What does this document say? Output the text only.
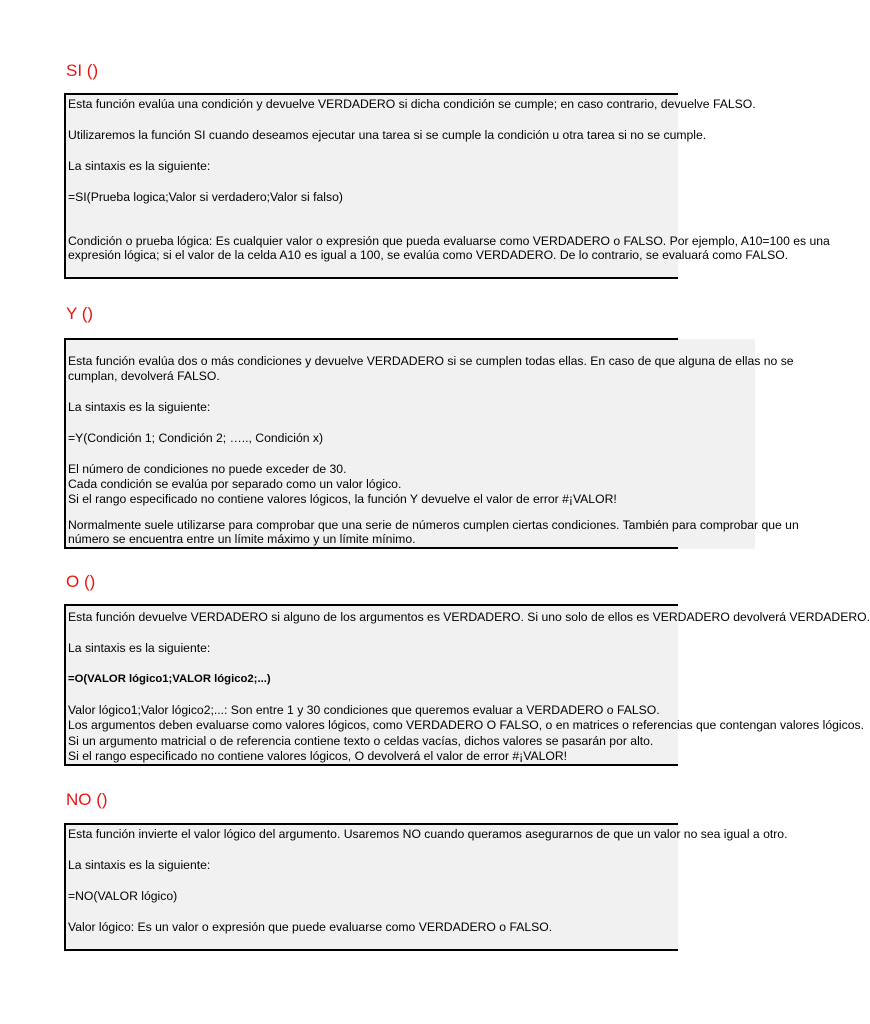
SI ()
Esta función evalúa una condición y devuelve VERDADERO si dicha condición se cumple; en caso contrario, devuelve FALSO.
Utilizaremos la función SI cuando deseamos ejecutar una tarea si se cumple la condición u otra tarea si no se cumple.
La sintaxis es la siguiente:
=SI(Prueba logica;Valor si verdadero;Valor si falso)
Condición o prueba lógica: Es cualquier valor o expresión que pueda evaluarse como VERDADERO o FALSO. Por ejemplo, A10=100 es una
expresión lógica; si el valor de la celda A10 es igual a 100, se evalúa como VERDADERO. De lo contrario, se evaluará como FALSO.
Y ()
Esta función evalúa dos o más condiciones y devuelve VERDADERO si se cumplen todas ellas. En caso de que alguna de ellas no se
cumplan, devolverá FALSO.
La sintaxis es la siguiente:
=Y(Condición 1; Condición 2; ….., Condición x)
El número de condiciones no puede exceder de 30.
Cada condición se evalúa por separado como un valor lógico.
Si el rango especificado no contiene valores lógicos, la función Y devuelve el valor de error #¡VALOR!
Normalmente suele utilizarse para comprobar que una serie de números cumplen ciertas condiciones. También para comprobar que un
número se encuentra entre un límite máximo y un límite mínimo.
O ()
Esta función devuelve VERDADERO si alguno de los argumentos es VERDADERO. Si uno solo de ellos es VERDADERO devolverá VERDADERO.
La sintaxis es la siguiente:
=O(VALOR lógico1;VALOR lógico2;...)
Valor lógico1;Valor lógico2;...: Son entre 1 y 30 condiciones que queremos evaluar a VERDADERO o FALSO.
Los argumentos deben evaluarse como valores lógicos, como VERDADERO O FALSO, o en matrices o referencias que contengan valores lógicos.
Si un argumento matricial o de referencia contiene texto o celdas vacías, dichos valores se pasarán por alto.
Si el rango especificado no contiene valores lógicos, O devolverá el valor de error #¡VALOR!
NO ()
Esta función invierte el valor lógico del argumento. Usaremos NO cuando queramos asegurarnos de que un valor no sea igual a otro.
La sintaxis es la siguiente:
=NO(VALOR lógico)
Valor lógico: Es un valor o expresión que puede evaluarse como VERDADERO o FALSO.
